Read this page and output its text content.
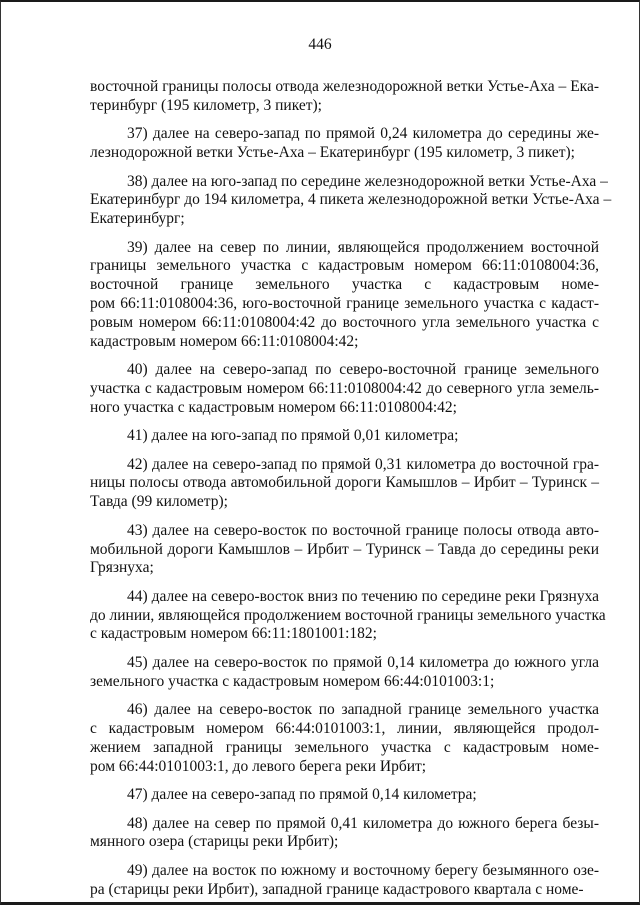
446
восточной границы полосы отвода железнодорожной ветки Устье-Аха – Ека-
теринбург (195 километр, 3 пикет);
37) далее на северо-запад по прямой 0,24 километра до середины же-
лезнодорожной ветки Устье-Аха – Екатеринбург (195 километр, 3 пикет);
38) далее на юго-запад по середине железнодорожной ветки Устье-Аха –
Екатеринбург до 194 километра, 4 пикета железнодорожной ветки Устье-Аха –
Екатеринбург;
39) далее на север по линии, являющейся продолжением восточной
границы земельного участка с кадастровым номером 66:11:0108004:36,
восточной границе земельного участка с кадастровым номе-
ром 66:11:0108004:36, юго-восточной границе земельного участка с кадаст-
ровым номером 66:11:0108004:42 до восточного угла земельного участка с
кадастровым номером 66:11:0108004:42;
40) далее на северо-запад по северо-восточной границе земельного
участка с кадастровым номером 66:11:0108004:42 до северного угла земель-
ного участка с кадастровым номером 66:11:0108004:42;
41) далее на юго-запад по прямой 0,01 километра;
42) далее на северо-запад по прямой 0,31 километра до восточной гра-
ницы полосы отвода автомобильной дороги Камышлов – Ирбит – Туринск –
Тавда (99 километр);
43) далее на северо-восток по восточной границе полосы отвода авто-
мобильной дороги Камышлов – Ирбит – Туринск – Тавда до середины реки
Грязнуха;
44) далее на северо-восток вниз по течению по середине реки Грязнуха
до линии, являющейся продолжением восточной границы земельного участка
с кадастровым номером 66:11:1801001:182;
45) далее на северо-восток по прямой 0,14 километра до южного угла
земельного участка с кадастровым номером 66:44:0101003:1;
46) далее на северо-восток по западной границе земельного участка
с кадастровым номером 66:44:0101003:1, линии, являющейся продол-
жением западной границы земельного участка с кадастровым номе-
ром 66:44:0101003:1, до левого берега реки Ирбит;
47) далее на северо-запад по прямой 0,14 километра;
48) далее на север по прямой 0,41 километра до южного берега безы-
мянного озера (старицы реки Ирбит);
49) далее на восток по южному и восточному берегу безымянного озе-
ра (старицы реки Ирбит), западной границе кадастрового квартала с номе-
